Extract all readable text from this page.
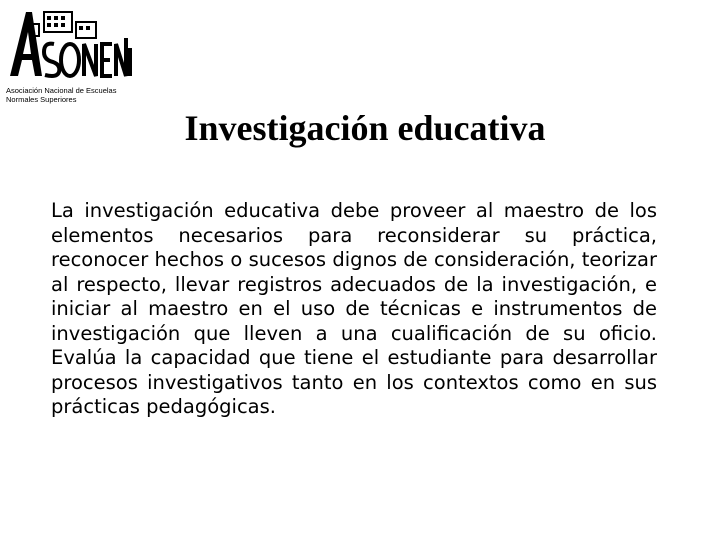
Asociación Nacional de Escuelas
Normales Superiores
Investigación educativa
La investigación educativa debe proveer al maestro de los elementos necesarios para reconsiderar su práctica, reconocer hechos o sucesos dignos de consideración, teorizar al respecto, llevar registros adecuados de la investigación, e iniciar al maestro en el uso de técnicas e instrumentos de investigación que lleven a una cualificación de su oficio. Evalúa la capacidad que tiene el estudiante para desarrollar procesos investigativos tanto en los contextos como en sus prácticas pedagógicas.
